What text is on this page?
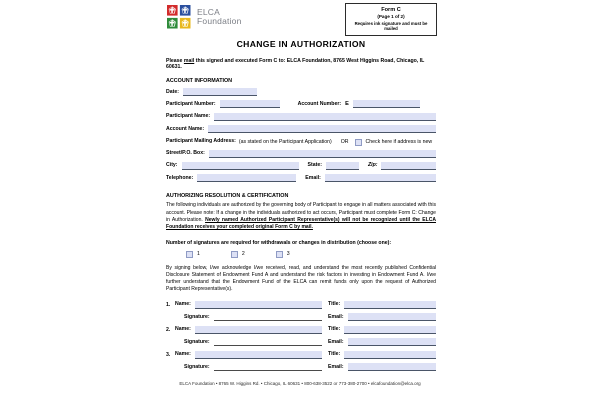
ELCA
Foundation
Form C
(Page 1 of 2)
Requires ink signature and must be mailed
CHANGE IN AUTHORIZATION
Please mail this signed and executed Form C to: ELCA Foundation, 8765 West Higgins Road, Chicago, IL 60631.
ACCOUNT INFORMATION
Date:
Participant Number:	Account Number: E
Participant Name:
Account Name:
Participant Mailing Address: (as stated on the Participant Application) OR	Check here if address is new
Street/P.O. Box:
City:	State:	Zip:
Telephone:	Email:
AUTHORIZING RESOLUTION & CERTIFICATION
The following individuals are authorized by the governing body of Participant to engage in all matters associated with this account. Please note: If a change in the individuals authorized to act occurs, Participant must complete Form C: Change in Authorization. Newly named Authorized Participant Representative(s) will not be recognized until the ELCA Foundation receives your completed original Form C by mail.
Number of signatures are required for withdrawals or changes in distribution (choose one):
1	2	3
By signing below, I/we acknowledge I/we received, read, and understand the most recently published Confidential Disclosure Statement of Endowment Fund A and understand the risk factors in investing in Endowment Fund A. I/we further understand that the Endowment Fund of the ELCA can remit funds only upon the request of Authorized Participant Representative(s).
1. Name:	Title:
Signature:	Email:
2. Name:	Title:
Signature:	Email:
3. Name:	Title:
Signature:	Email:
ELCA Foundation • 8765 W. Higgins Rd. • Chicago, IL 60631 • 800-638-3522 or 773-380-2700 • elcafoundation@elca.org
